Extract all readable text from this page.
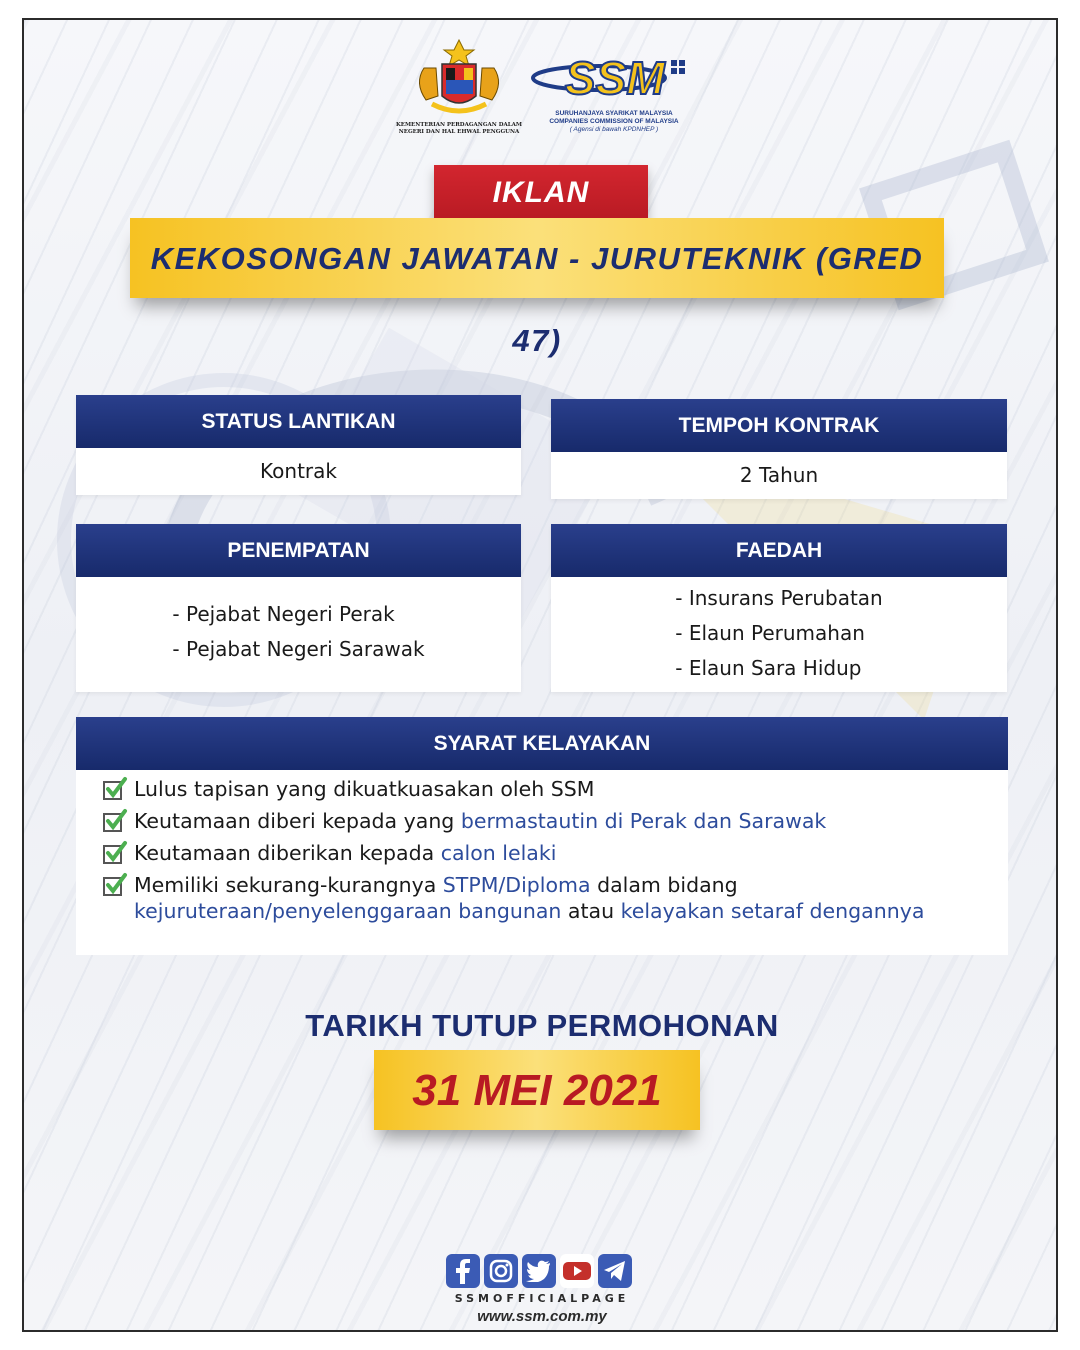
KEMENTERIAN PERDAGANGAN DALAM NEGERI DAN HAL EHWAL PENGGUNA
SSM
SURUHANJAYA SYARIKAT MALAYSIA
COMPANIES COMMISSION OF MALAYSIA
( Agensi di bawah KPDNHEP )
IKLAN
KEKOSONGAN JAWATAN - JURUTEKNIK (GRED 47)
STATUS LANTIKAN
Kontrak
TEMPOH KONTRAK
2 Tahun
PENEMPATAN
- Pejabat Negeri Perak
- Pejabat Negeri Sarawak
FAEDAH
- Insurans Perubatan
- Elaun Perumahan
- Elaun Sara Hidup
SYARAT KELAYAKAN
Lulus tapisan yang dikuatkuasakan oleh SSM
Keutamaan diberi kepada yang bermastautin di Perak dan Sarawak
Keutamaan diberikan kepada calon lelaki
Memiliki sekurang-kurangnya STPM/Diploma dalam bidang
kejuruteraan/penyelenggaraan bangunan atau kelayakan setaraf dengannya
TARIKH TUTUP PERMOHONAN
31 MEI 2021
SSMOFFICIALPAGE
www.ssm.com.my
